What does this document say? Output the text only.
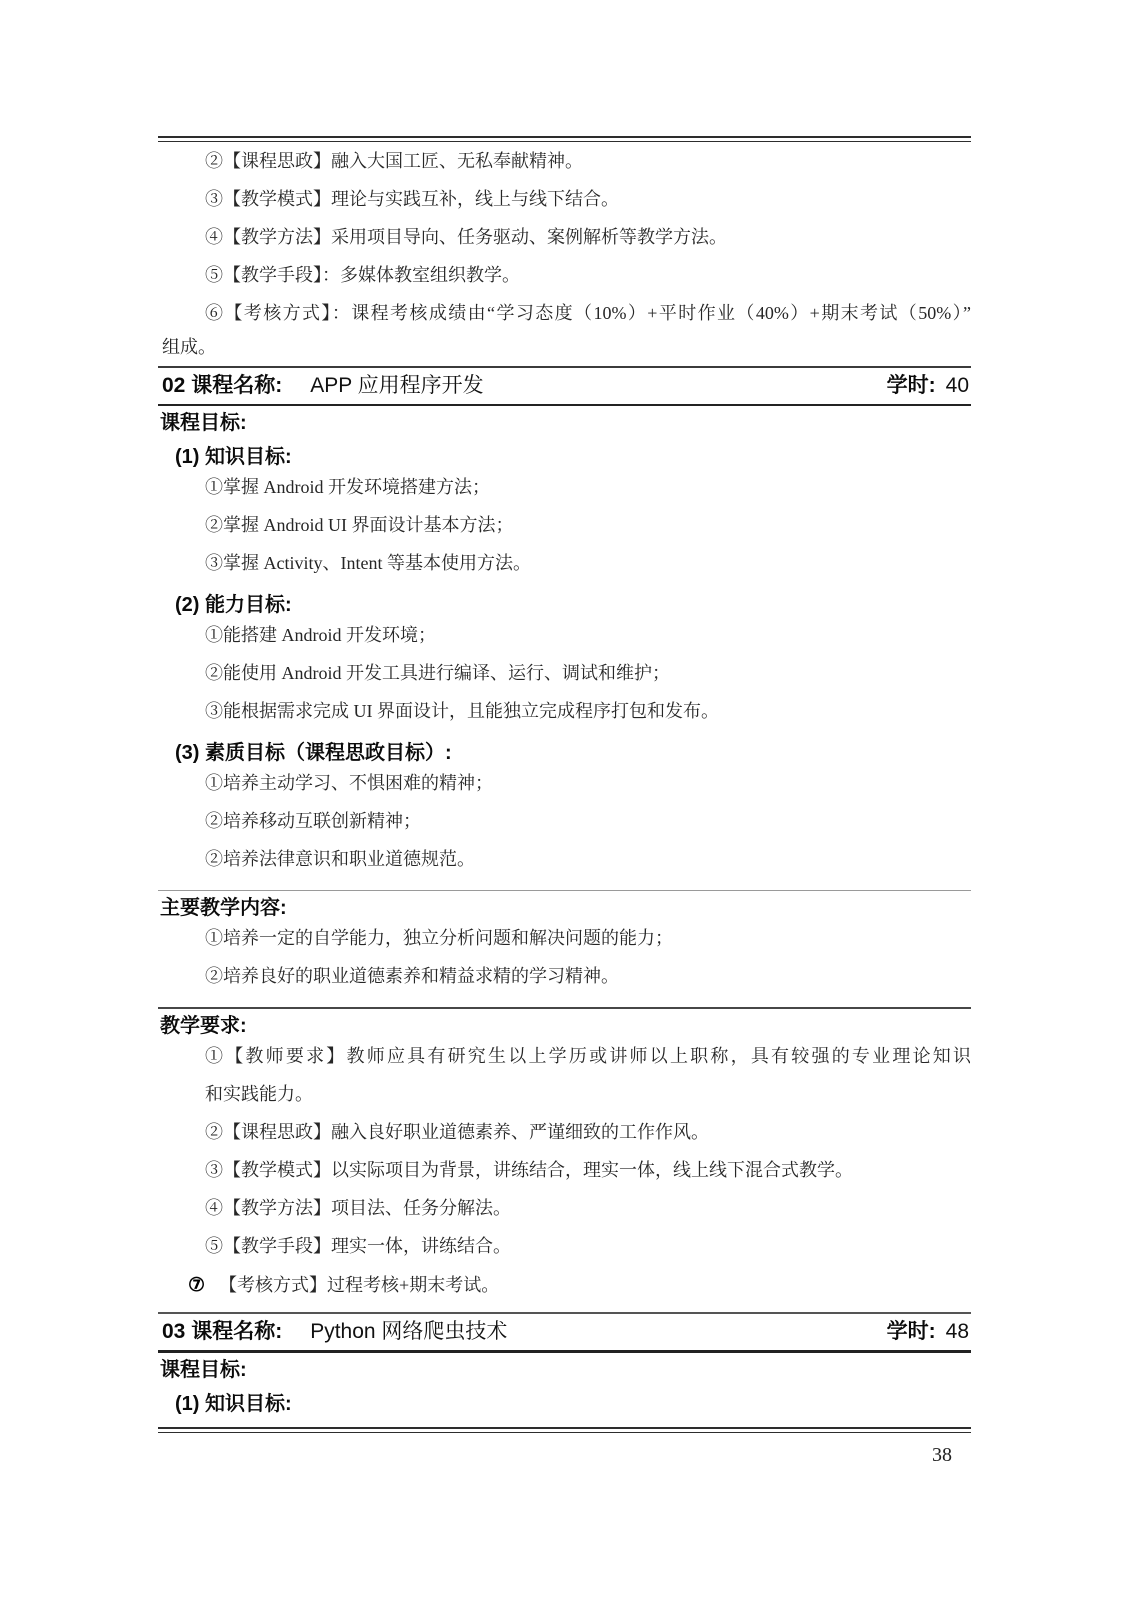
②【课程思政】融入大国工匠、无私奉献精神。

③【教学模式】理论与实践互补，线上与线下结合。

④【教学方法】采用项目导向、任务驱动、案例解析等教学方法。

⑤【教学手段】：多媒体教室组织教学。

⑥【考核方式】：课程考核成绩由“学习态度（10%）+平时作业（40%）+期末考试（50%）”

组成。

02 课程名称: APP 应用程序开发	学时: 40
课程目标:
(1) 知识目标:

①掌握 Android 开发环境搭建方法；

②掌握 Android UI 界面设计基本方法；

③掌握 Activity、Intent 等基本使用方法。

(2) 能力目标:

①能搭建 Android 开发环境；

②能使用 Android 开发工具进行编译、运行、调试和维护；

③能根据需求完成 UI 界面设计，且能独立完成程序打包和发布。

(3) 素质目标（课程思政目标）:

①培养主动学习、不惧困难的精神；

②培养移动互联创新精神；

②培养法律意识和职业道德规范。

主要教学内容:

①培养一定的自学能力，独立分析问题和解决问题的能力；

②培养良好的职业道德素养和精益求精的学习精神。

教学要求:

①【教师要求】教师应具有研究生以上学历或讲师以上职称，具有较强的专业理论知识

和实践能力。

②【课程思政】融入良好职业道德素养、严谨细致的工作作风。

③【教学模式】以实际项目为背景，讲练结合，理实一体，线上线下混合式教学。

④【教学方法】项目法、任务分解法。

⑤【教学手段】理实一体，讲练结合。

⑦ 【考核方式】过程考核+期末考试。
03 课程名称: Python 网络爬虫技术	学时: 48
课程目标:
(1) 知识目标:
38
